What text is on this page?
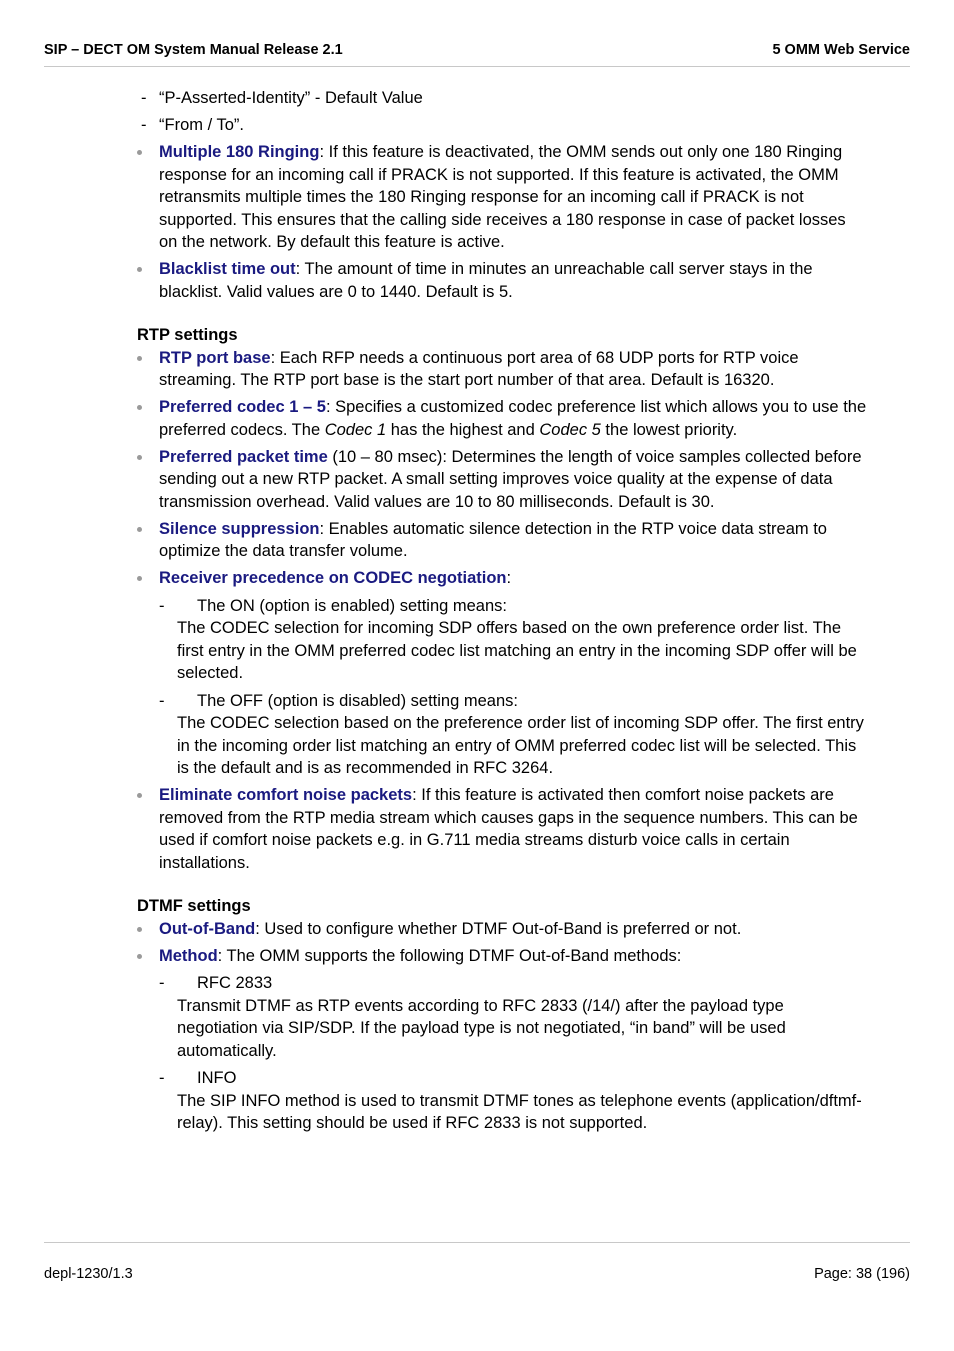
SIP – DECT OM System Manual Release 2.1	5 OMM Web Service
- “P-Asserted-Identity” - Default Value
- “From / To”.
Multiple 180 Ringing: If this feature is deactivated, the OMM sends out only one 180 Ringing response for an incoming call if PRACK is not supported. If this feature is activated, the OMM retransmits multiple times the 180 Ringing response for an incoming call if PRACK is not supported. This ensures that the calling side receives a 180 response in case of packet losses on the network. By default this feature is active.
Blacklist time out: The amount of time in minutes an unreachable call server stays in the blacklist. Valid values are 0 to 1440. Default is 5.
RTP settings
RTP port base: Each RFP needs a continuous port area of 68 UDP ports for RTP voice streaming. The RTP port base is the start port number of that area. Default is 16320.
Preferred codec 1 – 5: Specifies a customized codec preference list which allows you to use the preferred codecs. The Codec 1 has the highest and Codec 5 the lowest priority.
Preferred packet time (10 – 80 msec): Determines the length of voice samples collected before sending out a new RTP packet. A small setting improves voice quality at the expense of data transmission overhead. Valid values are 10 to 80 milliseconds. Default is 30.
Silence suppression: Enables automatic silence detection in the RTP voice data stream to optimize the data transfer volume.
Receiver precedence on CODEC negotiation:
-	The ON (option is enabled) setting means:
The CODEC selection for incoming SDP offers based on the own preference order list. The first entry in the OMM preferred codec list matching an entry in the incoming SDP offer will be selected.
-	The OFF (option is disabled) setting means:
The CODEC selection based on the preference order list of incoming SDP offer. The first entry in the incoming order list matching an entry of OMM preferred codec list will be selected. This is the default and is as recommended in RFC 3264.
Eliminate comfort noise packets: If this feature is activated then comfort noise packets are removed from the RTP media stream which causes gaps in the sequence numbers. This can be used if comfort noise packets e.g. in G.711 media streams disturb voice calls in certain installations.
DTMF settings
Out-of-Band: Used to configure whether DTMF Out-of-Band is preferred or not.
Method: The OMM supports the following DTMF Out-of-Band methods:
-	RFC 2833
Transmit DTMF as RTP events according to RFC 2833 (/14/) after the payload type negotiation via SIP/SDP. If the payload type is not negotiated, “in band” will be used automatically.
-	INFO
The SIP INFO method is used to transmit DTMF tones as telephone events (application/dftmf-relay). This setting should be used if RFC 2833 is not supported.
depl-1230/1.3	Page: 38 (196)
